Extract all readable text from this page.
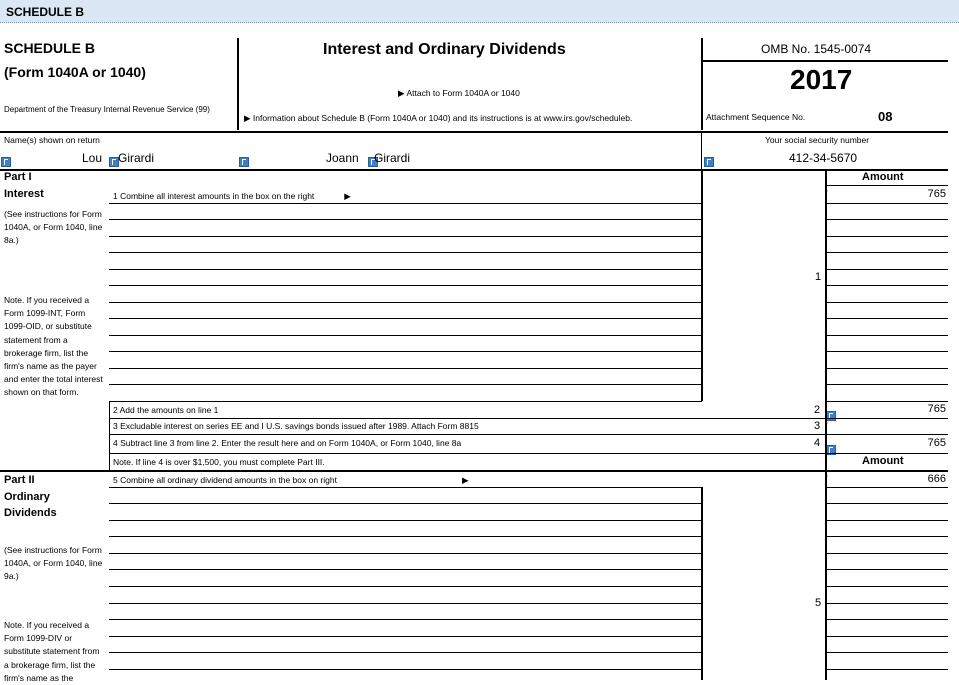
SCHEDULE B
SCHEDULE B
(Form 1040A or 1040)
Department of the Treasury Internal Revenue Service (99)
Interest and Ordinary Dividends
▶ Attach to Form 1040A or 1040
▶ Information about Schedule B (Form 1040A or 1040) and its instructions is at www.irs.gov/scheduleb.
OMB No. 1545-0074
2017
Attachment Sequence No.	08
Name(s) shown on return	Your social security number
Lou Girardi	Joann Girardi	412-34-5670
Part I
Interest
(See instructions for Form 1040A, or Form 1040, line 8a.)
Note. If you received a Form 1099-INT, Form 1099-OID, or substitute statement from a brokerage firm, list the firm's name as the payer and enter the total interest shown on that form.
Amount
1 Combine all interest amounts in the box on the right	▶	765
1
2 Add the amounts on line 1	2	765
3 Excludable interest on series EE and I U.S. savings bonds issued after 1989. Attach Form 8815	3
4 Subtract line 3 from line 2. Enter the result here and on Form 1040A, or Form 1040, line 8a	4	765
Note. If line 4 is over $1,500, you must complete Part III.	Amount
Part II
Ordinary
Dividends
(See instructions for Form 1040A, or Form 1040, line 9a.)
Note. If you received a Form 1099-DIV or substitute statement from a brokerage firm, list the firm's name as the
5 Combine all ordinary dividend amounts in the box on right	▶	666
5
